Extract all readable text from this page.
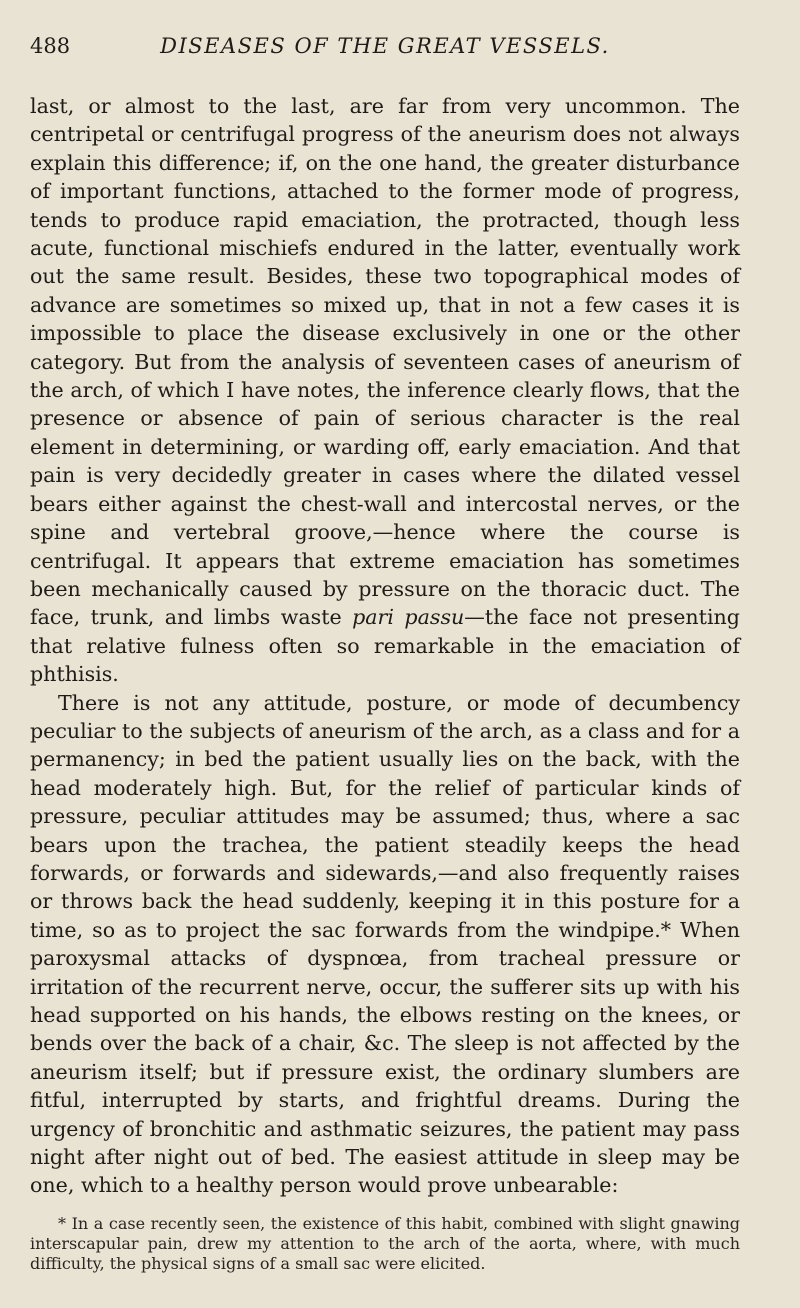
488	DISEASES OF THE GREAT VESSELS.

last, or almost to the last, are far from very uncommon. The centripetal or centrifugal progress of the aneurism does not always explain this difference; if, on the one hand, the greater disturbance of important functions, attached to the former mode of progress, tends to produce rapid emaciation, the protracted, though less acute, functional mischiefs endured in the latter, eventually work out the same result. Besides, these two topographical modes of advance are sometimes so mixed up, that in not a few cases it is impossible to place the disease exclusively in one or the other category. But from the analysis of seventeen cases of aneurism of the arch, of which I have notes, the inference clearly flows, that the presence or absence of pain of serious character is the real element in determining, or warding off, early emaciation. And that pain is very decidedly greater in cases where the dilated vessel bears either against the chest-wall and intercostal nerves, or the spine and vertebral groove,—hence where the course is centrifugal. It appears that extreme emaciation has sometimes been mechanically caused by pressure on the thoracic duct. The face, trunk, and limbs waste pari passu—the face not presenting that relative fulness often so remarkable in the emaciation of phthisis.

There is not any attitude, posture, or mode of decumbency peculiar to the subjects of aneurism of the arch, as a class and for a permanency; in bed the patient usually lies on the back, with the head moderately high. But, for the relief of particular kinds of pressure, peculiar attitudes may be assumed; thus, where a sac bears upon the trachea, the patient steadily keeps the head forwards, or forwards and sidewards,—and also frequently raises or throws back the head suddenly, keeping it in this posture for a time, so as to project the sac forwards from the windpipe.* When paroxysmal attacks of dyspnœa, from tracheal pressure or irritation of the recurrent nerve, occur, the sufferer sits up with his head supported on his hands, the elbows resting on the knees, or bends over the back of a chair, &c. The sleep is not affected by the aneurism itself; but if pressure exist, the ordinary slumbers are fitful, interrupted by starts, and frightful dreams. During the urgency of bronchitic and asthmatic seizures, the patient may pass night after night out of bed. The easiest attitude in sleep may be one, which to a healthy person would prove unbearable:

* In a case recently seen, the existence of this habit, combined with slight gnawing interscapular pain, drew my attention to the arch of the aorta, where, with much difficulty, the physical signs of a small sac were elicited.
